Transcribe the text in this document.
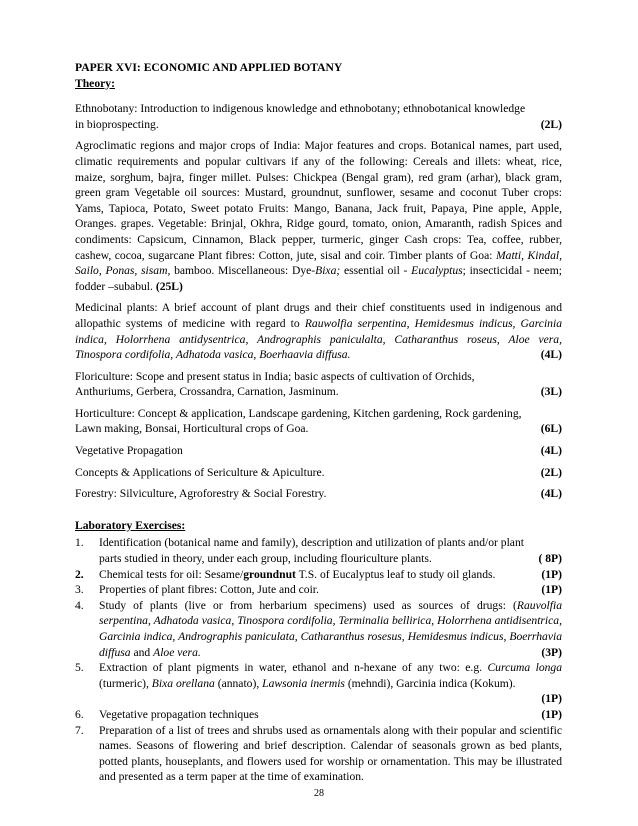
PAPER XVI: ECONOMIC AND APPLIED BOTANY

Theory:

Ethnobotany: Introduction to indigenous knowledge and ethnobotany; ethnobotanical knowledge
in bioprospecting.	(2L)
Agroclimatic regions and major crops of India: Major features and crops. Botanical names, part used, climatic requirements and popular cultivars if any of the following: Cereals and illets: wheat, rice, maize, sorghum, bajra, finger millet. Pulses: Chickpea (Bengal gram), red gram (arhar), black gram, green gram Vegetable oil sources: Mustard, groundnut, sunflower, sesame and coconut Tuber crops: Yams, Tapioca, Potato, Sweet potato Fruits: Mango, Banana, Jack fruit, Papaya, Pine apple, Apple, Oranges. grapes. Vegetable: Brinjal, Okhra, Ridge gourd, tomato, onion, Amaranth, radish Spices and condiments: Capsicum, Cinnamon, Black pepper, turmeric, ginger Cash crops: Tea, coffee, rubber, cashew, cocoa, sugarcane Plant fibres: Cotton, jute, sisal and coir. Timber plants of Goa: Matti, Kindal, Sailo, Ponas, sisam, bamboo. Miscellaneous: Dye-Bixa; essential oil - Eucalyptus; insecticidal - neem; fodder –subabul. (25L)
Medicinal plants: A brief account of plant drugs and their chief constituents used in indigenous and allopathic systems of medicine with regard to Rauwolfia serpentina, Hemidesmus indicus, Garcinia indica, Holorrhena antidysentrica, Andrographis paniculalta, Catharanthus roseus, Aloe vera, Tinospora cordifolia, Adhatoda vasica, Boerhaavia diffusa.	(4L)
Floriculture: Scope and present status in India; basic aspects of cultivation of Orchids,
Anthuriums, Gerbera, Crossandra, Carnation, Jasminum.	(3L)
Horticulture: Concept & application, Landscape gardening, Kitchen gardening, Rock gardening,
Lawn making, Bonsai, Horticultural crops of Goa.	(6L)
Vegetative Propagation	(4L)
Concepts & Applications of Sericulture & Apiculture.	(2L)
Forestry: Silviculture, Agroforestry & Social Forestry.	(4L)
Laboratory Exercises:
1. Identification (botanical name and family), description and utilization of plants and/or plant
parts studied in theory, under each group, including flouriculture plants.	( 8P)
2. Chemical tests for oil: Sesame/groundnut T.S. of Eucalyptus leaf to study oil glands.	(1P)
3. Properties of plant fibres: Cotton, Jute and coir.	(1P)
4. Study of plants (live or from herbarium specimens) used as sources of drugs: (Rauvolfia serpentina, Adhatoda vasica, Tinospora cordifolia, Terminalia bellirica, Holorrhena antidisentrica, Garcinia indica, Andrographis paniculata, Catharanthus rosesus, Hemidesmus indicus, Boerrhavia diffusa and Aloe vera.	(3P)
5. Extraction of plant pigments in water, ethanol and n-hexane of any two: e.g. Curcuma longa (turmeric), Bixa orellana (annato), Lawsonia inermis (mehndi), Garcinia indica (Kokum).
(1P)
6. Vegetative propagation techniques	(1P)
7. Preparation of a list of trees and shrubs used as ornamentals along with their popular and scientific names. Seasons of flowering and brief description. Calendar of seasonals grown as bed plants, potted plants, houseplants, and flowers used for worship or ornamentation. This may be illustrated and presented as a term paper at the time of examination.
28
